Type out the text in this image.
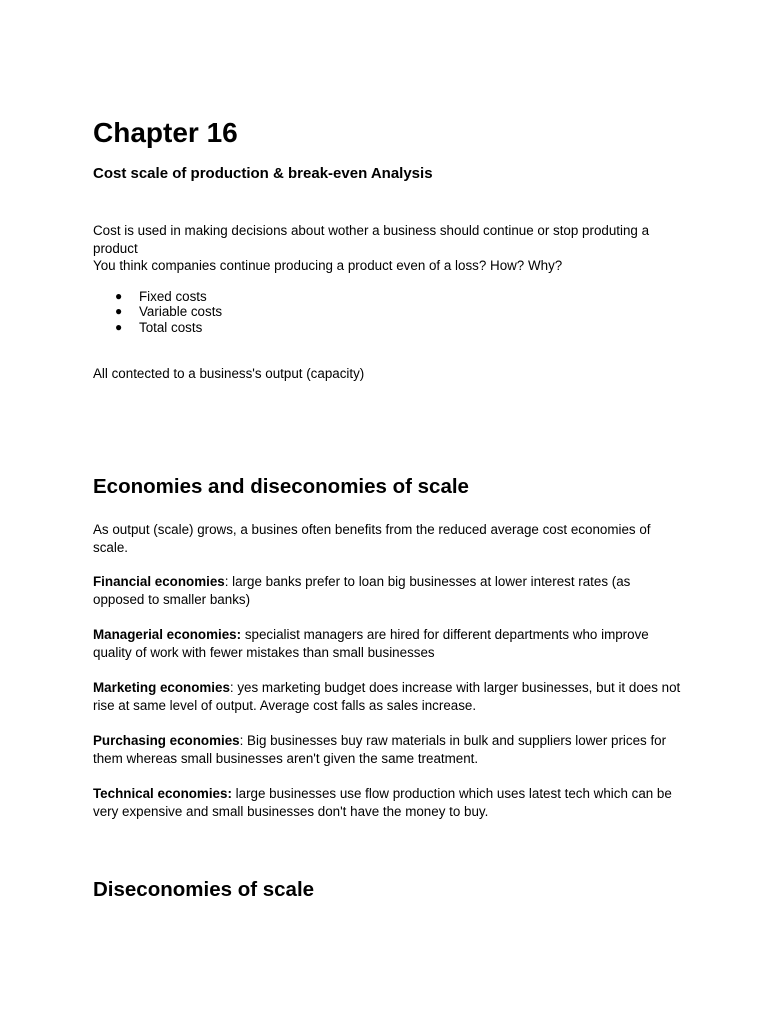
Chapter 16
Cost scale of production & break-even Analysis

Cost is used in making decisions about wother a business should continue or stop produting a product
You think companies continue producing a product even of a loss? How? Why?

● Fixed costs
● Variable costs
● Total costs

All contected to a business's output (capacity)

Economies and diseconomies of scale

As output (scale) grows, a busines often benefits from the reduced average cost economies of scale.

Financial economies: large banks prefer to loan big businesses at lower interest rates (as opposed to smaller banks)

Managerial economies: specialist managers are hired for different departments who improve quality of work with fewer mistakes than small businesses

Marketing economies: yes marketing budget does increase with larger businesses, but it does not rise at same level of output. Average cost falls as sales increase.

Purchasing economies: Big businesses buy raw materials in bulk and suppliers lower prices for them whereas small businesses aren't given the same treatment.

Technical economies: large businesses use flow production which uses latest tech which can be very expensive and small businesses don't have the money to buy.

Diseconomies of scale
